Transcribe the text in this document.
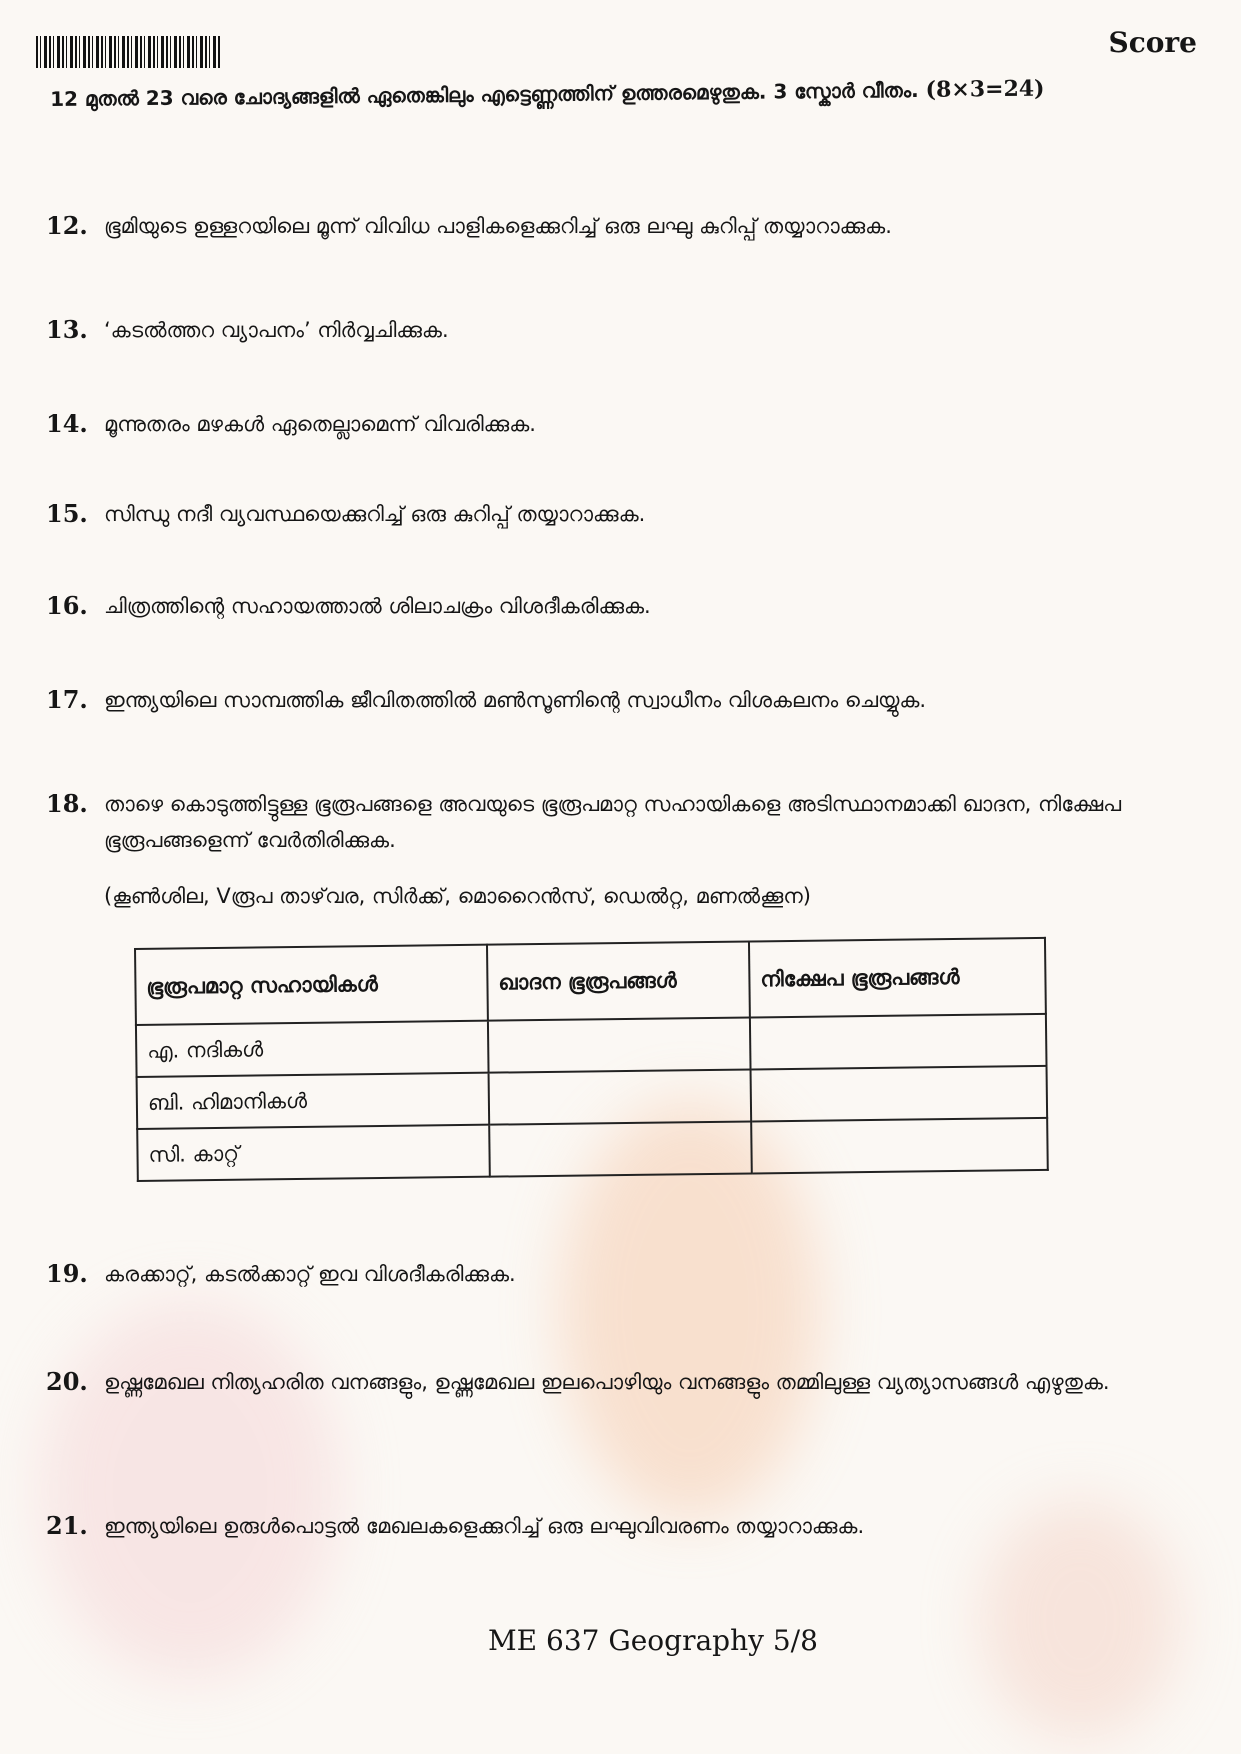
Score
12 മുതൽ 23 വരെ ചോദ്യങ്ങളിൽ ഏതെങ്കിലും എട്ടെണ്ണത്തിന് ഉത്തരമെഴുതുക. 3 സ്കോർ വീതം. (8×3=24)
12. ഭൂമിയുടെ ഉള്ളറയിലെ മൂന്ന് വിവിധ പാളികളെക്കുറിച്ച് ഒരു ലഘു കുറിപ്പ് തയ്യാറാക്കുക.
13. ‘കടൽത്തറ വ്യാപനം’ നിർവ്വചിക്കുക.
14. മൂന്നുതരം മഴകൾ ഏതെല്ലാമെന്ന് വിവരിക്കുക.
15. സിന്ധു നദീ വ്യവസ്ഥയെക്കുറിച്ച് ഒരു കുറിപ്പ് തയ്യാറാക്കുക.
16. ചിത്രത്തിന്റെ സഹായത്താൽ ശിലാചക്രം വിശദീകരിക്കുക.
17. ഇന്ത്യയിലെ സാമ്പത്തിക ജീവിതത്തിൽ മൺസൂണിന്റെ സ്വാധീനം വിശകലനം ചെയ്യുക.
18. താഴെ കൊടുത്തിട്ടുള്ള ഭൂരൂപങ്ങളെ അവയുടെ ഭൂരൂപമാറ്റ സഹായികളെ അടിസ്ഥാനമാക്കി ഖാദന, നിക്ഷേപ ഭൂരൂപങ്ങളെന്ന് വേർതിരിക്കുക.

(കൂൺശില, Vരൂപ താഴ്‌വര, സിർക്ക്, മൊറൈൻസ്, ഡെൽറ്റ, മണൽക്കൂന)

ഭൂരൂപമാറ്റ സഹായികൾ	ഖാദന ഭൂരൂപങ്ങൾ	നിക്ഷേപ ഭൂരൂപങ്ങൾ
എ. നദികൾ		
ബി. ഹിമാനികൾ		
സി. കാറ്റ്		
19. കരക്കാറ്റ്, കടൽക്കാറ്റ് ഇവ വിശദീകരിക്കുക.
20. ഉഷ്ണമേഖല നിത്യഹരിത വനങ്ങളും, ഉഷ്ണമേഖല ഇലപൊഴിയും വനങ്ങളും തമ്മിലുള്ള വ്യത്യാസങ്ങൾ എഴുതുക.
21. ഇന്ത്യയിലെ ഉരുൾപൊട്ടൽ മേഖലകളെക്കുറിച്ച് ഒരു ലഘുവിവരണം തയ്യാറാക്കുക.
ME 637 Geography 5/8
